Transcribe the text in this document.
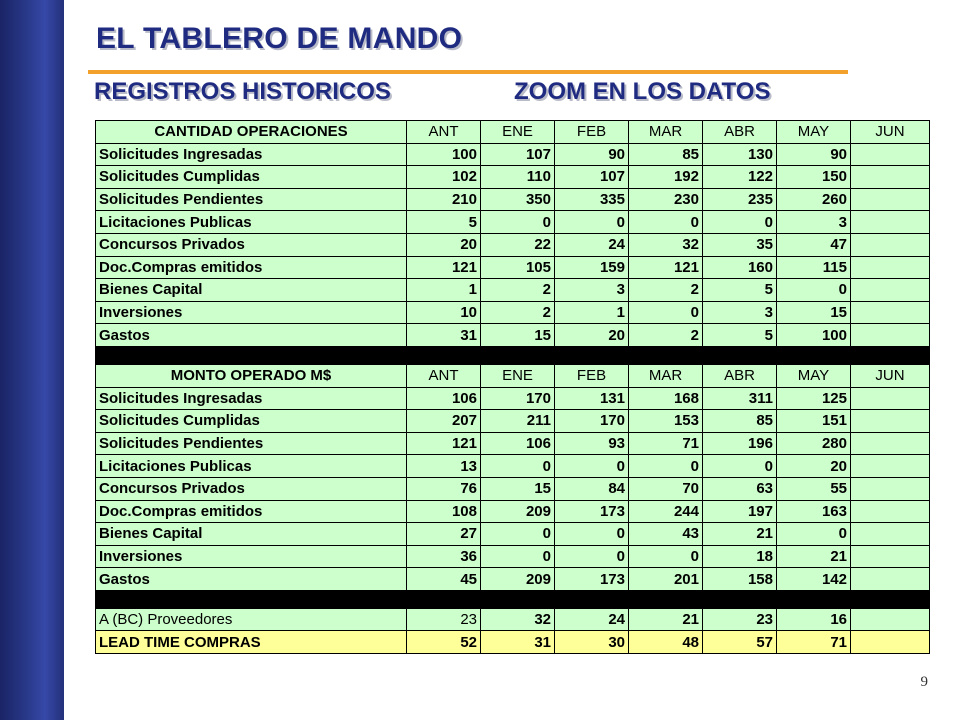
EL TABLERO DE MANDO
REGISTROS HISTORICOS	ZOOM EN LOS DATOS
CANTIDAD OPERACIONES	ANT	ENE	FEB	MAR	ABR	MAY	JUN
Solicitudes Ingresadas	100	107	90	85	130	90	
Solicitudes Cumplidas	102	110	107	192	122	150	
Solicitudes Pendientes	210	350	335	230	235	260	
Licitaciones Publicas	5	0	0	0	0	3	
Concursos Privados	20	22	24	32	35	47	
Doc.Compras emitidos	121	105	159	121	160	115	
Bienes Capital	1	2	3	2	5	0	
Inversiones	10	2	1	0	3	15	
Gastos	31	15	20	2	5	100	

MONTO OPERADO M$	ANT	ENE	FEB	MAR	ABR	MAY	JUN
Solicitudes Ingresadas	106	170	131	168	311	125	
Solicitudes Cumplidas	207	211	170	153	85	151	
Solicitudes Pendientes	121	106	93	71	196	280	
Licitaciones Publicas	13	0	0	0	0	20	
Concursos Privados	76	15	84	70	63	55	
Doc.Compras emitidos	108	209	173	244	197	163	
Bienes Capital	27	0	0	43	21	0	
Inversiones	36	0	0	0	18	21	
Gastos	45	209	173	201	158	142	

A (BC) Proveedores	23	32	24	21	23	16	
LEAD TIME COMPRAS	52	31	30	48	57	71	
9
